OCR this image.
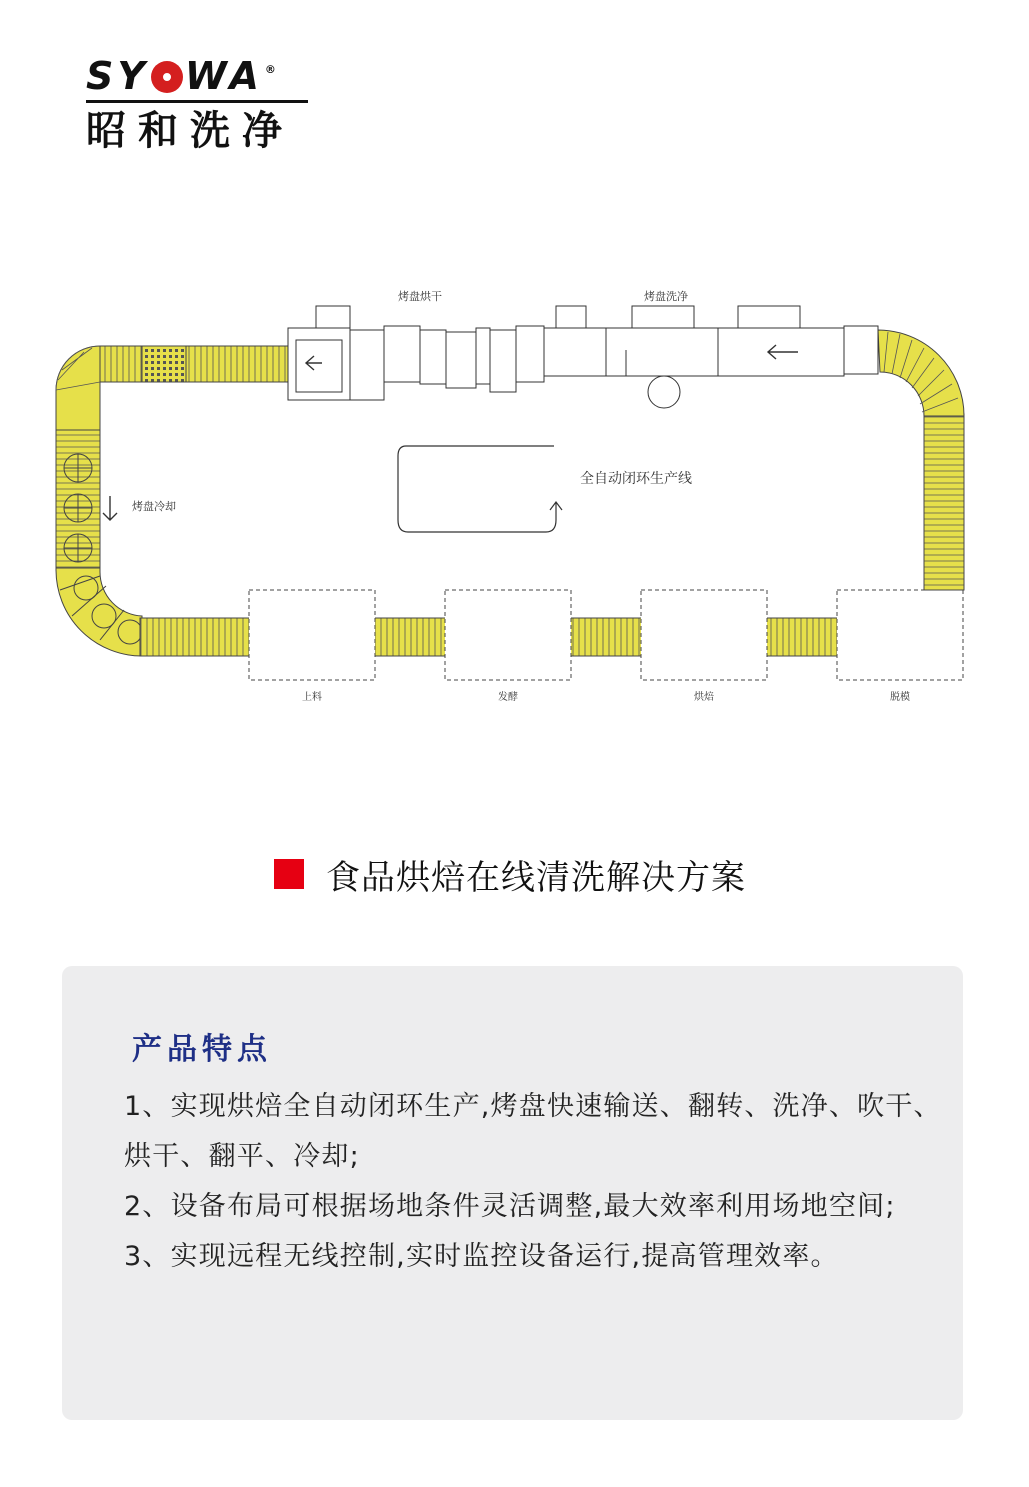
SY WA ®
昭和洗净
烤盘烘干	烤盘洗净
烤盘冷却
全自动闭环生产线
上料	发酵	烘焙	脱模
食品烘焙在线清洗解决方案
产品特点

1、实现烘焙全自动闭环生产,烤盘快速输送、翻转、洗净、吹干、烘干、翻平、冷却;

2、设备布局可根据场地条件灵活调整,最大效率利用场地空间;

3、实现远程无线控制,实时监控设备运行,提高管理效率。
